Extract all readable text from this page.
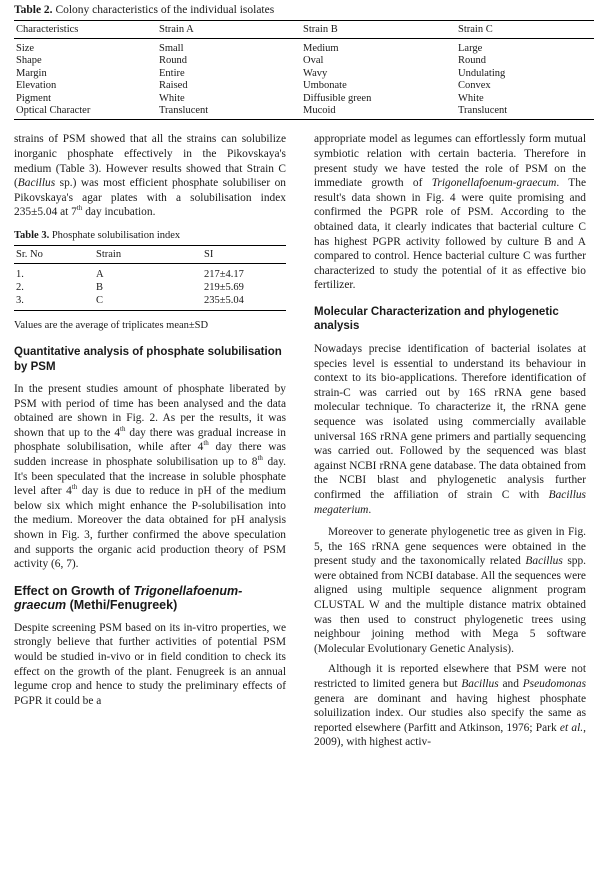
Table 2. Colony characteristics of the individual isolates
Characteristics	Strain A	Strain B	Strain C
Size	Small	Medium	Large
Shape	Round	Oval	Round
Margin	Entire	Wavy	Undulating
Elevation	Raised	Umbonate	Convex
Pigment	White	Diffusible green	White
Optical Character	Translucent	Mucoid	Translucent

strains of PSM showed that all the strains can solubilize inorganic phosphate effectively in the Pikovskaya's medium (Table 3). However results showed that Strain C (Bacillus sp.) was most efficient phosphate solubiliser on Pikovskaya's agar plates with a solubilisation index 235±5.04 at 7th day incubation.

Table 3. Phosphate solubilisation index
Sr. No	Strain	SI
1.	A	217±4.17
2.	B	219±5.69
3.	C	235±5.04
Values are the average of triplicates mean±SD
Quantitative analysis of phosphate solubilisation by PSM

In the present studies amount of phosphate liberated by PSM with period of time has been analysed and the data obtained are shown in Fig. 2. As per the results, it was shown that up to the 4th day there was gradual increase in phosphate solubilisation, while after 4th day there was sudden increase in phosphate solubilisation up to 8th day. It's been speculated that the increase in soluble phosphate level after 4th day is due to reduce in pH of the medium below six which might enhance the P-solubilisation into the medium. Moreover the data obtained for pH analysis shown in Fig. 3, further confirmed the above speculation and supports the organic acid production theory of PSM activity (6, 7).

Effect on Growth of Trigonellafoenum-graecum (Methi/Fenugreek)

Despite screening PSM based on its in-vitro properties, we strongly believe that further activities of potential PSM would be studied in-vivo or in field condition to check its effect on the growth of the plant. Fenugreek is an annual legume crop and hence to study the preliminary effects of PGPR it could be a

appropriate model as legumes can effortlessly form mutual symbiotic relation with certain bacteria. Therefore in present study we have tested the role of PSM on the immediate growth of Trigonellafoenum-graecum. The result's data shown in Fig. 4 were quite promising and confirmed the PGPR role of PSM. According to the obtained data, it clearly indicates that bacterial culture C has highest PGPR activity followed by culture B and A compared to control. Hence bacterial culture C was further characterized to study the potential of it as effective bio fertilizer.

Molecular Characterization and phylogenetic analysis

Nowadays precise identification of bacterial isolates at species level is essential to understand its behaviour in context to its bio-applications. Therefore identification of strain-C was carried out by 16S rRNA gene based molecular technique. To characterize it, the rRNA gene sequence was isolated using commercially available universal 16S rRNA gene primers and partially sequencing was carried out. Followed by the sequenced was blast against NCBI rRNA gene database. The data obtained from the NCBI blast and phylogenetic analysis further confirmed the affiliation of strain C with Bacillus megaterium.

Moreover to generate phylogenetic tree as given in Fig. 5, the 16S rRNA gene sequences were obtained in the present study and the taxonomically related Bacillus spp. were obtained from NCBI database. All the sequences were aligned using multiple sequence alignment program CLUSTAL W and the multiple distance matrix obtained was then used to construct phylogenetic trees using neighbour joining method with Mega 5 software (Molecular Evolutionary Genetic Analysis).

Although it is reported elsewhere that PSM were not restricted to limited genera but Bacillus and Pseudomonas genera are dominant and having highest phosphate soluilization index. Our studies also specify the same as reported elsewhere (Parfitt and Atkinson, 1976; Park et al., 2009), with highest activ-
